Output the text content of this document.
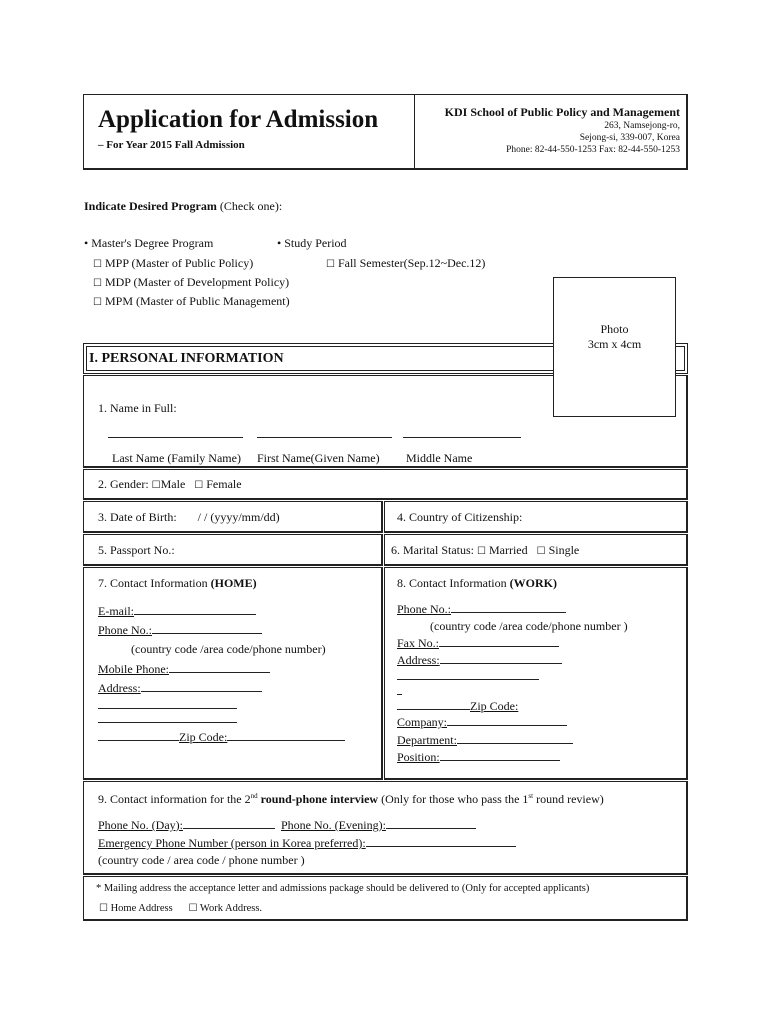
Application for Admission
– For Year 2015 Fall Admission
KDI School of Public Policy and Management
263, Namsejong-ro,
Sejong-si, 339-007, Korea
Phone: 82-44-550-1253 Fax: 82-44-550-1253
Indicate Desired Program (Check one):
• Master's Degree Program	• Study Period
☐ MPP (Master of Public Policy)	☐ Fall Semester(Sep.12~Dec.12)
☐ MDP (Master of Development Policy)
☐ MPM (Master of Public Management)
I. PERSONAL INFORMATION
Photo
3cm x 4cm
1. Name in Full:
Last Name (Family Name) First Name(Given Name) Middle Name
2. Gender: ☐Male ☐ Female
3. Date of Birth: / / (yyyy/mm/dd)	4. Country of Citizenship:
5. Passport No.:	6. Marital Status: ☐ Married ☐ Single
7. Contact Information (HOME)
E-mail:
Phone No.:
(country code /area code/phone number)
Mobile Phone:
Address:
Zip Code:
8. Contact Information (WORK)
Phone No.:
(country code /area code/phone number )
Fax No.:
Address:
Zip Code:
Company:
Department:
Position:
9. Contact information for the 2nd round-phone interview (Only for those who pass the 1st round review)
Phone No. (Day):	Phone No. (Evening):
Emergency Phone Number (person in Korea preferred):
(country code / area code / phone number )
* Mailing address the acceptance letter and admissions package should be delivered to (Only for accepted applicants)
☐ Home Address ☐ Work Address.
